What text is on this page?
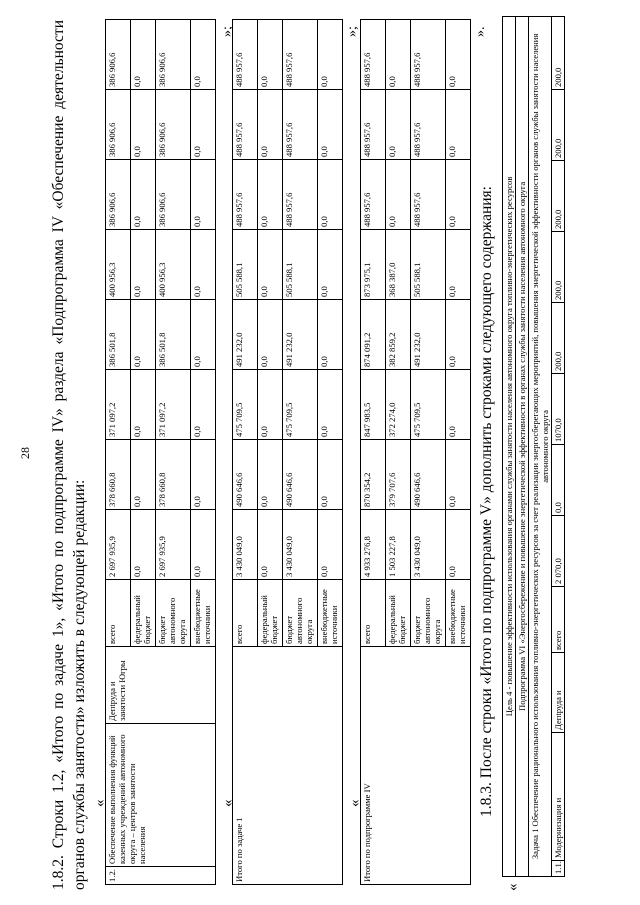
28 1.8.2. Строки 1.2, «Итого по задаче 1», «Итого по подпрограмме IV» раздела «Подпрограмма IV «Обеспечение деятельности органов службы занятости» изложить в следующей редакции: «
1.2.	Обеспечение выполнения функций казенных учреждений автономного округа – центров занятости населения	Депtруда и занятости Югры	всего	2 697 935,9	378 660,8	371 097,2	386 501,8	400 956,3	386 906,6	386 906,6	386 906,6
			федеральный бюджет	0,0	0,0	0,0	0,0	0,0	0,0	0,0	0,0
			бюджет автономного округа	2 697 935,9	378 660,8	371 097,2	386 501,8	400 956,3	386 906,6	386 906,6	386 906,6
			внебюджетные источники	0,0	0,0	0,0	0,0	0,0	0,0	0,0	0,0
»;
«
Итого по задаче 1	всего	3 430 049,0	490 646,6	475 709,5	491 232,0	505 588,1	488 957,6	488 957,6	488 957,6
	федеральный бюджет	0,0	0,0	0,0	0,0	0,0	0,0	0,0	0,0
	бюджет автономного округа	3 430 049,0	490 646,6	475 709,5	491 232,0	505 588,1	488 957,6	488 957,6	488 957,6
	внебюджетные источники	0,0	0,0	0,0	0,0	0,0	0,0	0,0	0,0
»;
« Итого по подпрограмме IV	всего	4 933 276,8	870 354,2	847 983,5	874 091,2	873 975,1	488 957,6	488 957,6	488 957,6
	федеральный бюджет	1 503 227,8	379 707,6	372 274,0	382 859,2	368 387,0	0,0	0,0	0,0
	бюджет автономного округа	3 430 049,0	490 646,6	475 709,5	491 232,0	505 588,1	488 957,6	488 957,6	488 957,6
	внебюджетные источники	0,0	0,0	0,0	0,0	0,0	0,0	0,0	0,0
».
1.8.3. После строки «Итого по подпрограмме V» дополнить строками следующего содержания:
«
Цель 4 - повышение эффективности использования органами службы занятости населения автономного округа топливно-энергетических ресурсов
Подпрограмма VI «Энергосбережение и повышение энергетической эффективности в органах службы занятости населения автономного округа
Задача 1 Обеспечение рационального использования топливно-энергетических ресурсов за счет реализации энергосберегающих мероприятий, повышения энергетической эффективности органов службы занятости населения автономного округа
1.1.	Модернизация и	Депtруда и	всего	2 070,0	0,0	1070,0	200,0	200,0	200,0	200,0	200,0
